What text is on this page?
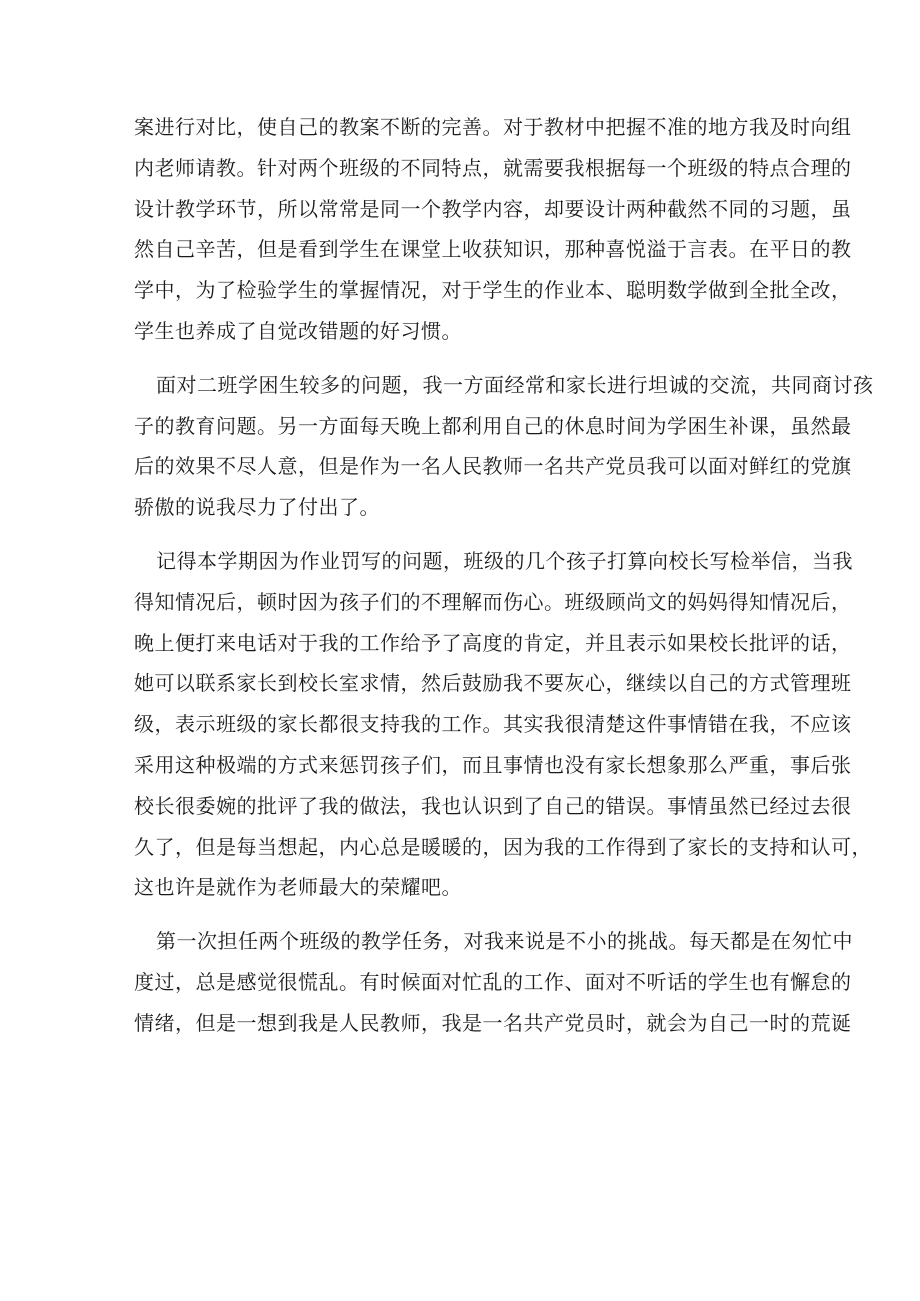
案进行对比，使自己的教案不断的完善。对于教材中把握不准的地方我及时向组
内老师请教。针对两个班级的不同特点，就需要我根据每一个班级的特点合理的
设计教学环节，所以常常是同一个教学内容，却要设计两种截然不同的习题，虽
然自己辛苦，但是看到学生在课堂上收获知识，那种喜悦溢于言表。在平日的教
学中，为了检验学生的掌握情况，对于学生的作业本、聪明数学做到全批全改，
学生也养成了自觉改错题的好习惯。
面对二班学困生较多的问题，我一方面经常和家长进行坦诚的交流，共同商讨孩
子的教育问题。另一方面每天晚上都利用自己的休息时间为学困生补课，虽然最
后的效果不尽人意，但是作为一名人民教师一名共产党员我可以面对鲜红的党旗
骄傲的说我尽力了付出了。
记得本学期因为作业罚写的问题，班级的几个孩子打算向校长写检举信，当我
得知情况后，顿时因为孩子们的不理解而伤心。班级顾尚文的妈妈得知情况后，
晚上便打来电话对于我的工作给予了高度的肯定，并且表示如果校长批评的话，
她可以联系家长到校长室求情，然后鼓励我不要灰心，继续以自己的方式管理班
级，表示班级的家长都很支持我的工作。其实我很清楚这件事情错在我，不应该
采用这种极端的方式来惩罚孩子们，而且事情也没有家长想象那么严重，事后张
校长很委婉的批评了我的做法，我也认识到了自己的错误。事情虽然已经过去很
久了，但是每当想起，内心总是暖暖的，因为我的工作得到了家长的支持和认可，
这也许是就作为老师最大的荣耀吧。
第一次担任两个班级的教学任务，对我来说是不小的挑战。每天都是在匆忙中
度过，总是感觉很慌乱。有时候面对忙乱的工作、面对不听话的学生也有懈怠的
情绪，但是一想到我是人民教师，我是一名共产党员时，就会为自己一时的荒诞
